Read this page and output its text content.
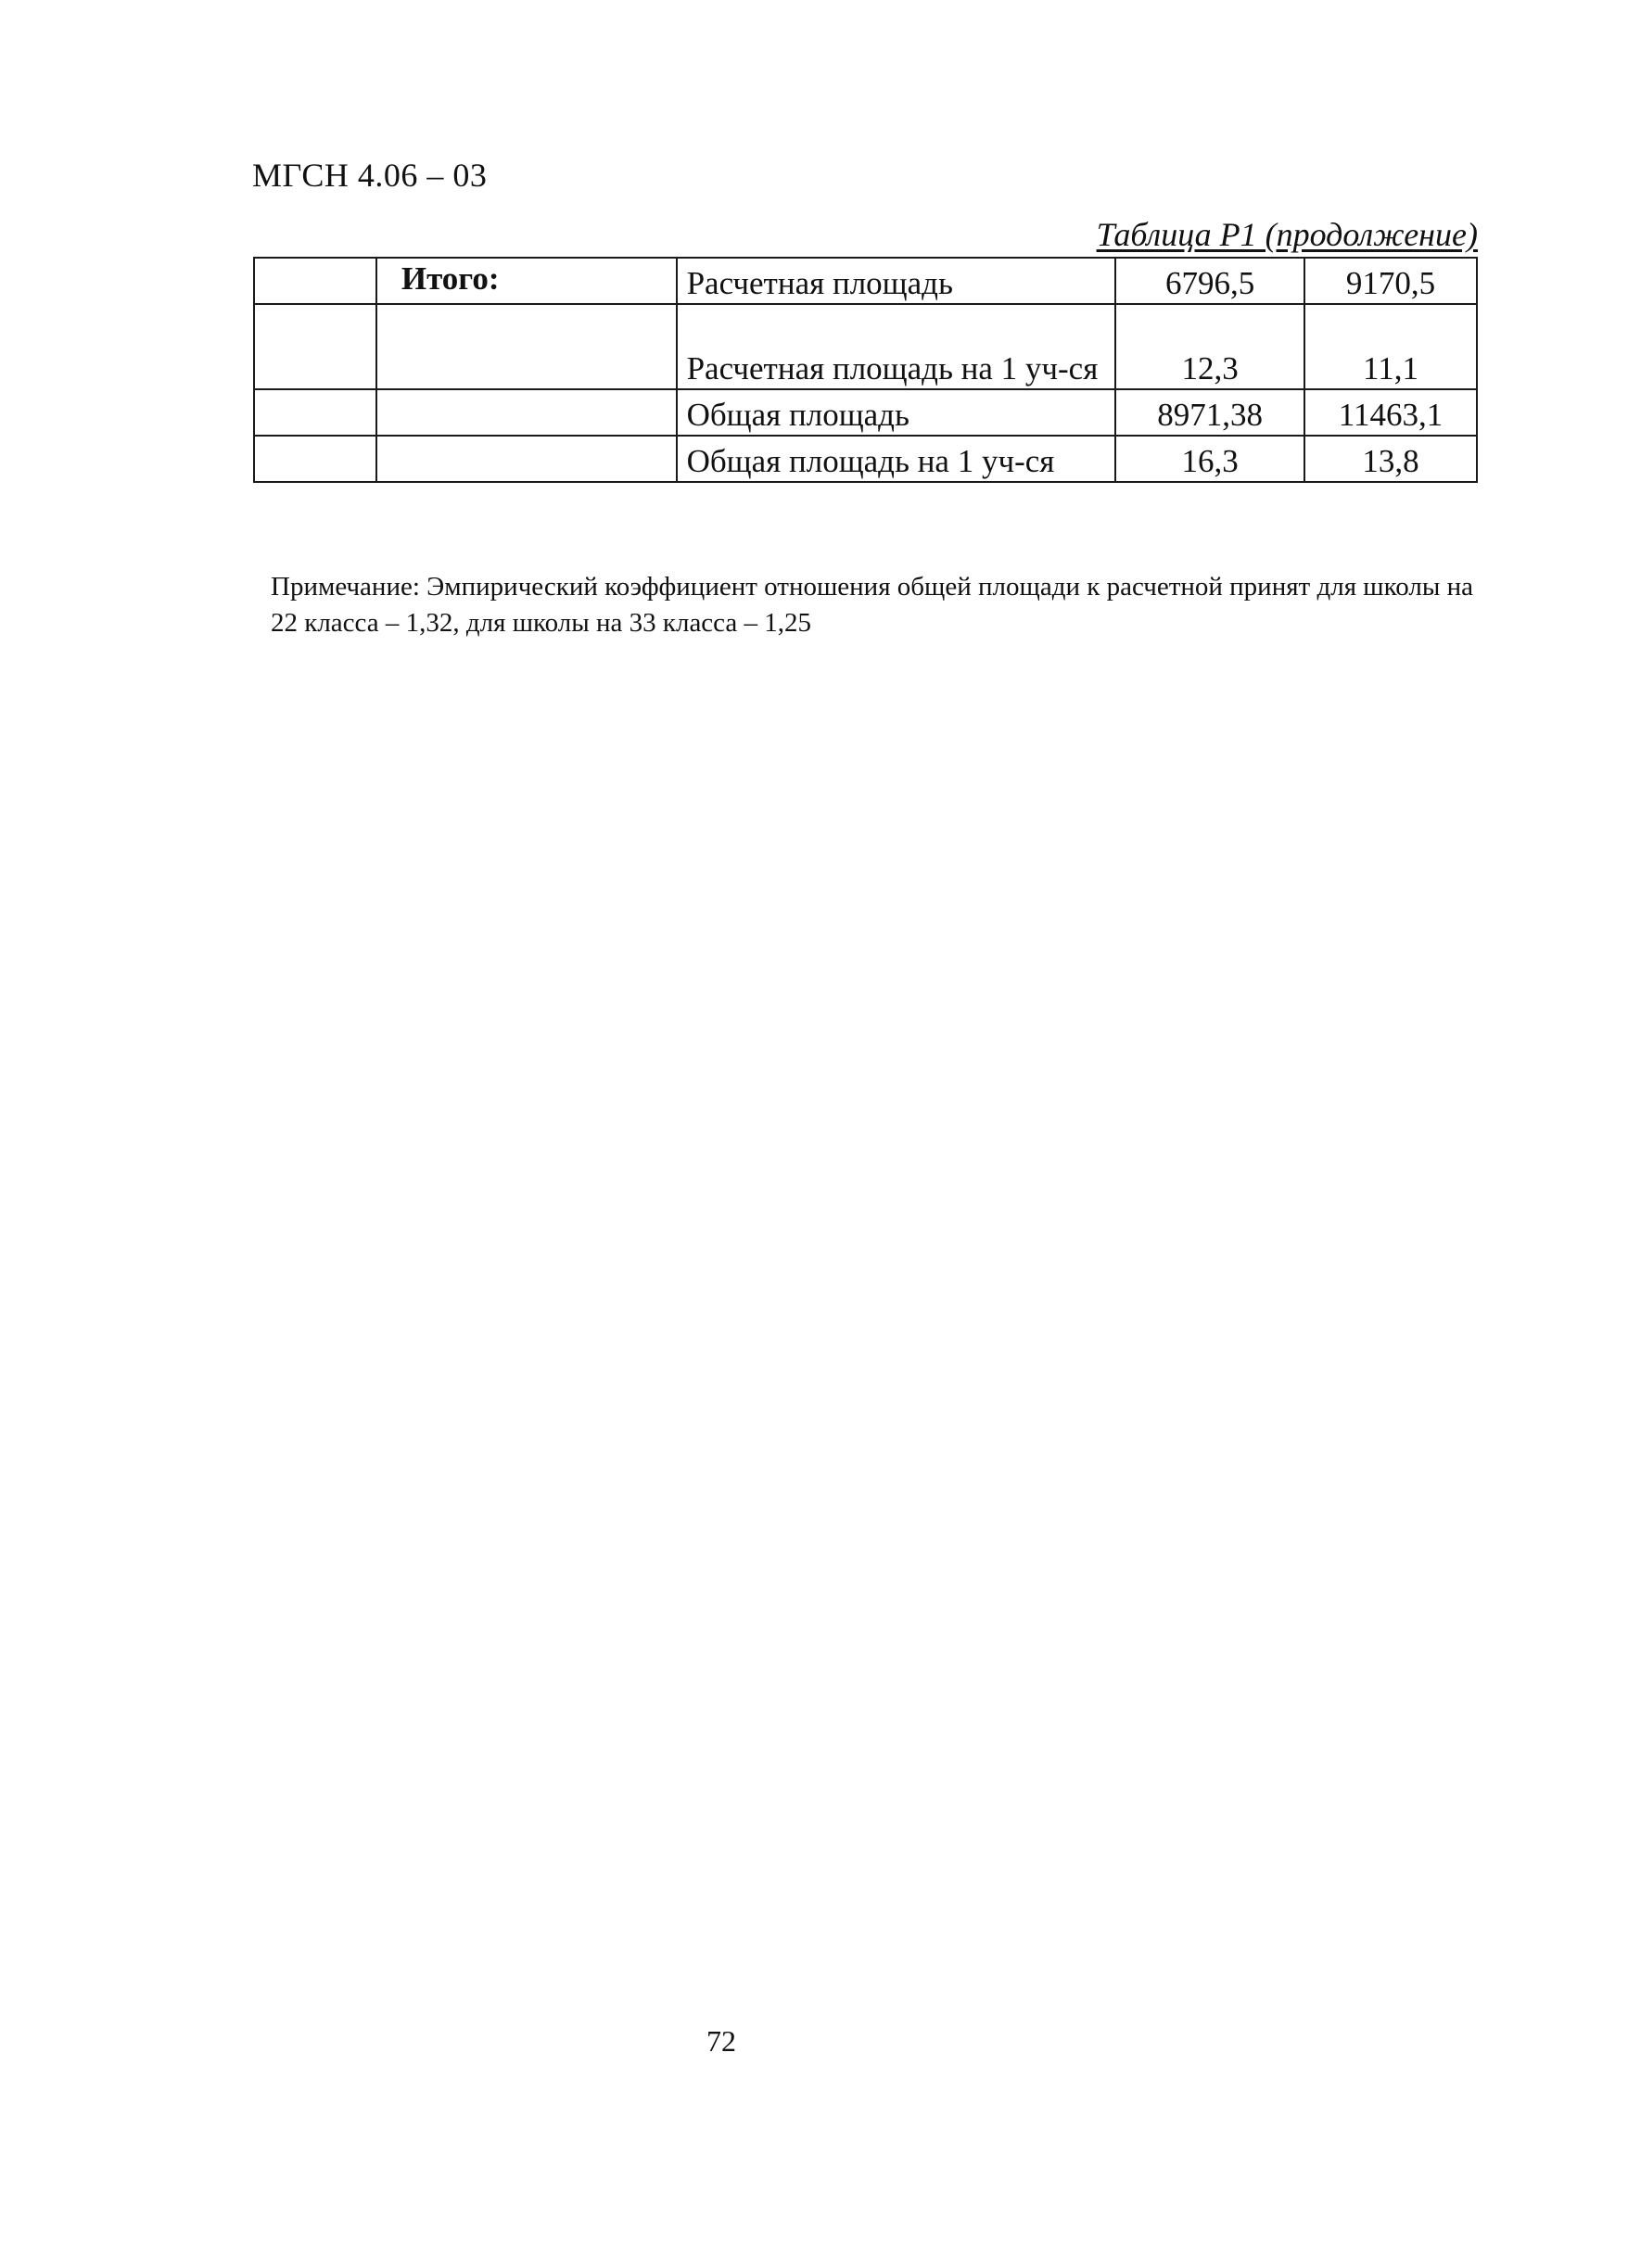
МГСН 4.06 – 03
Таблица Р1 (продолжение)
	Итого:	Расчетная площадь	6796,5	9170,5
		Расчетная площадь на 1 уч-ся	12,3	11,1
		Общая площадь	8971,38	11463,1
		Общая площадь на 1 уч-ся	16,3	13,8
Примечание: Эмпирический коэффициент отношения общей площади к расчетной принят для школы на 22 класса – 1,32, для школы на 33 класса – 1,25
72
